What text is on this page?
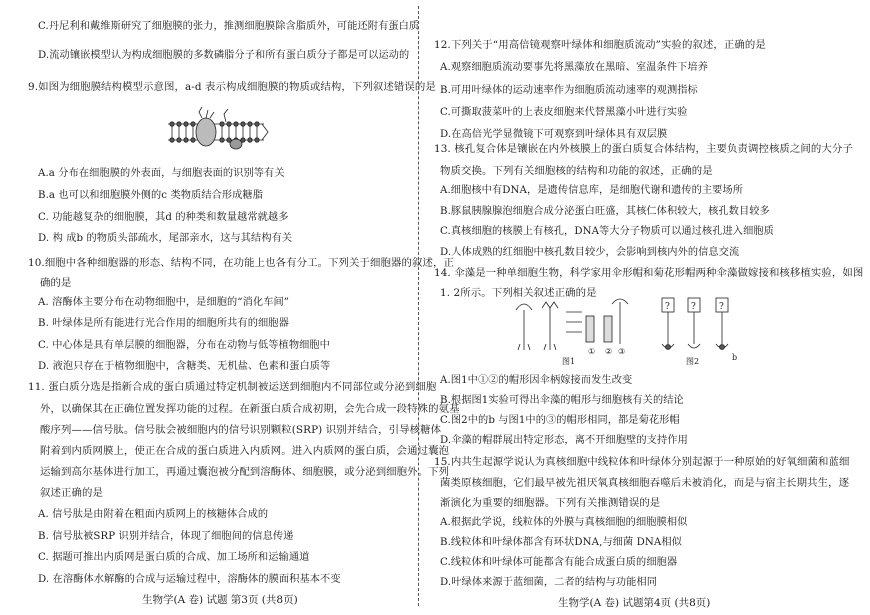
C.丹尼利和戴维斯研究了细胞膜的张力，推测细胞膜除含脂质外，可能还附有蛋白质
D.流动镶嵌模型认为构成细胞膜的多数磷脂分子和所有蛋白质分子都是可以运动的
9.如图为细胞膜结构模型示意图，a-d 表示构成细胞膜的物质或结构，下列叙述错误的是
A.a 分布在细胞膜的外表面，与细胞表面的识别等有关
B.a 也可以和细胞膜外侧的c 类物质结合形成糖脂
C. 功能越复杂的细胞膜，其d 的种类和数量越常就越多
D. 构 成b 的物质头部疏水，尾部亲水，这与其结构有关
10.细胞中各种细胞器的形态、结构不同，在功能上也各有分工。下列关于细胞器的叙述，正
确的是
A. 溶酶体主要分布在动物细胞中，是细胞的“消化车间”
B. 叶绿体是所有能进行光合作用的细胞所共有的细胞器
C. 中心体是具有单层膜的细胞器，分布在动物与低等植物细胞中
D. 液泡只存在于植物细胞中，含糖类、无机盐、色素和蛋白质等
11. 蛋白质分选是指新合成的蛋白质通过特定机制被运送到细胞内不同部位或分泌到细胞
外，以确保其在正确位置发挥功能的过程。在新蛋白质合成初期，会先合成一段特殊的氨基
酸序列——信号肽。信号肽会被细胞内的信号识别颗粒(SRP) 识别并结合，引导核糖体
附着到内质网膜上，使正在合成的蛋白质进入内质网。进入内质网的蛋白质，会通过囊泡
运输到高尔基体进行加工，再通过囊泡被分配到溶酶体、细胞膜，或分泌到细胞外。下列
叙述正确的是
A. 信号肽是由附着在粗面内质网上的核糖体合成的
B. 信号肽被SRP 识别并结合，体现了细胞间的信息传递
C. 据题可推出内质网是蛋白质的合成、加工场所和运输通道
D. 在溶酶体水解酶的合成与运输过程中，溶酶体的膜面积基本不变
生物学(A 卷) 试题 第3页 (共8页)
12.下列关于“用高倍镜观察叶绿体和细胞质流动”实验的叙述，正确的是
A.观察细胞质流动要事先将黑藻放在黑暗、室温条件下培养
B.可用叶绿体的运动速率作为细胞质流动速率的观测指标
C.可撕取菠菜叶的上表皮细胞来代替黑藻小叶进行实验
D.在高倍光学显微镜下可观察到叶绿体具有双层膜
13. 核孔复合体是镶嵌在内外核膜上的蛋白质复合体结构，主要负责调控核质之间的大分子
物质交换。下列有关细胞核的结构和功能的叙述，正确的是
A.细胞核中有DNA，是遗传信息库，是细胞代谢和遗传的主要场所
B.豚鼠胰腺腺泡细胞合成分泌蛋白旺盛，其核仁体积较大，核孔数目较多
C.真核细胞的核膜上有核孔，DNA等大分子物质可以通过核孔进入细胞质
D.人体成熟的红细胞中核孔数目较少，会影响到核内外的信息交流
14. 伞藻是一种单细胞生物，科学家用伞形帽和菊花形帽两种伞藻做嫁接和核移植实验，如图
1. 2所示。下列相关叙述正确的是
? ?	?
① ② ③
图1	图2	b
A.图1中①②的帽形因伞柄嫁接而发生改变
B.根据图1实验可得出伞藻的帽形与细胞核有关的结论
C.图2中的b 与图1中的③的帽形相同，都是菊花形帽
D.伞藻的帽群展出特定形态，离不开细胞壁的支持作用
15.内共生起源学说认为真核细胞中线粒体和叶绿体分别起源于一种原始的好氧细菌和蓝细
菌类原核细胞，它们最早被先祖厌氧真核细胞吞噬后未被消化，而是与宿主长期共生，逐
渐演化为重要的细胞器。下列有关推测错误的是
A.根据此学说，线粒体的外膜与真核细胞的细胞膜相似
B.线粒体和叶绿体都含有环状DNA,与细菌 DNA相似
C.线粒体和叶绿体可能都含有能合成蛋白质的细胞器
D.叶绿体来源于蓝细菌，二者的结构与功能相同
生物学(A 卷) 试题第4页 (共8页)
